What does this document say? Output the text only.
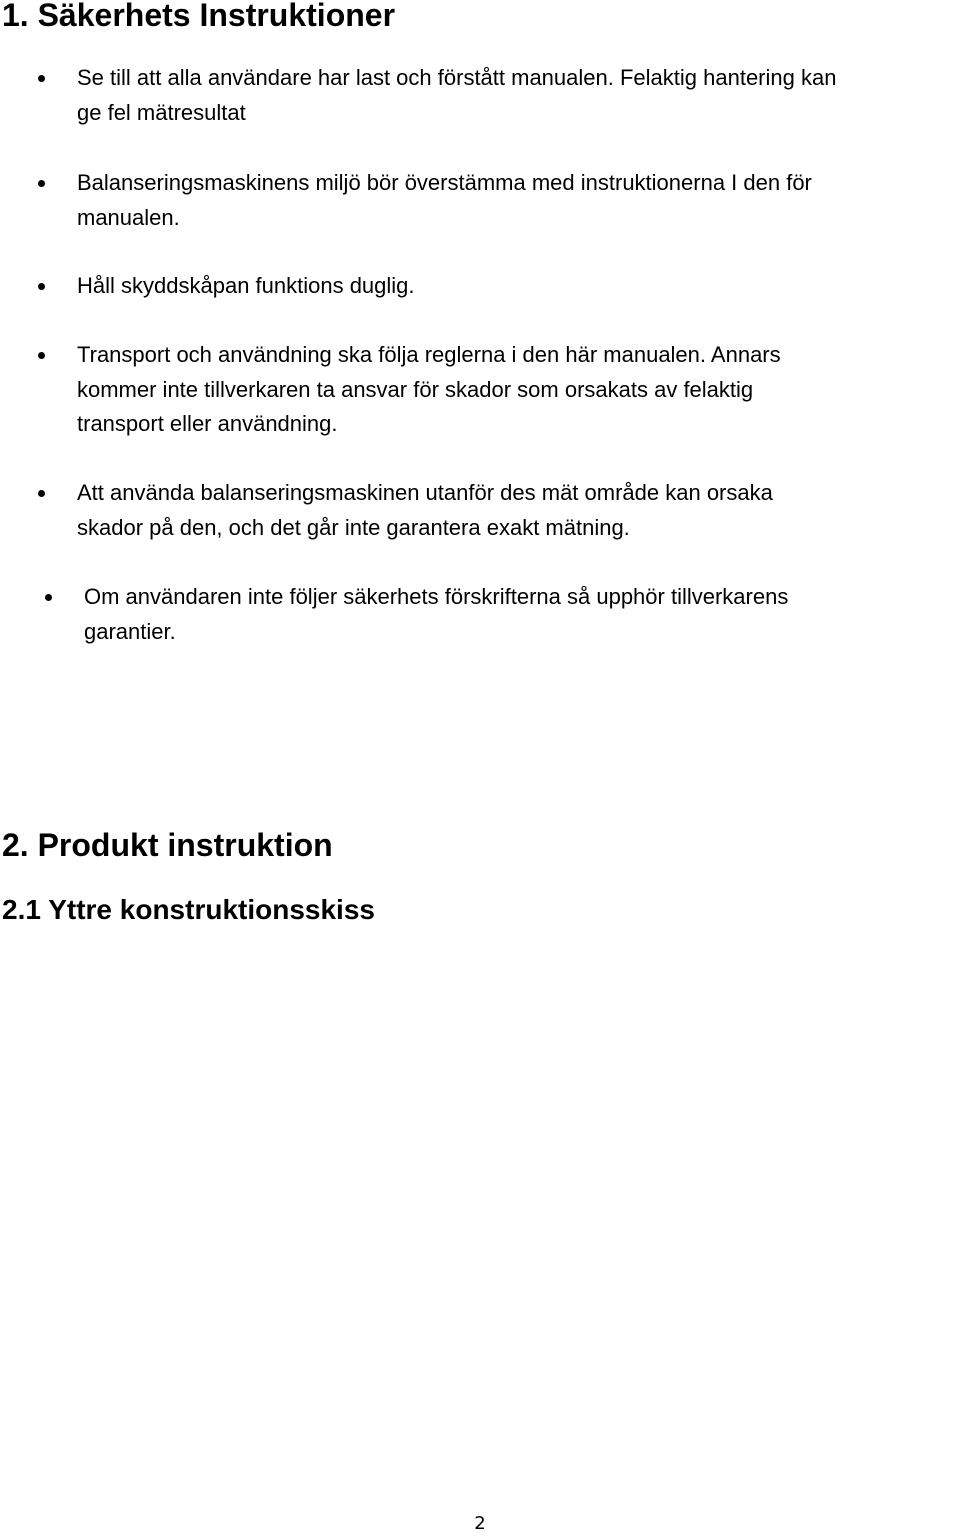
1. Säkerhets Instruktioner

Se till att alla användare har last och förstått manualen. Felaktig hantering kan
ge fel mätresultat

Balanseringsmaskinens miljö bör överstämma med instruktionerna I den för
manualen.

Håll skyddskåpan funktions duglig.

Transport och användning ska följa reglerna i den här manualen. Annars
kommer inte tillverkaren ta ansvar för skador som orsakats av felaktig
transport eller användning.

Att använda balanseringsmaskinen utanför des mät område kan orsaka
skador på den, och det går inte garantera exakt mätning.

Om användaren inte följer säkerhets förskrifterna så upphör tillverkarens
garantier.

2. Produkt instruktion
2.1 Yttre konstruktionsskiss
2
